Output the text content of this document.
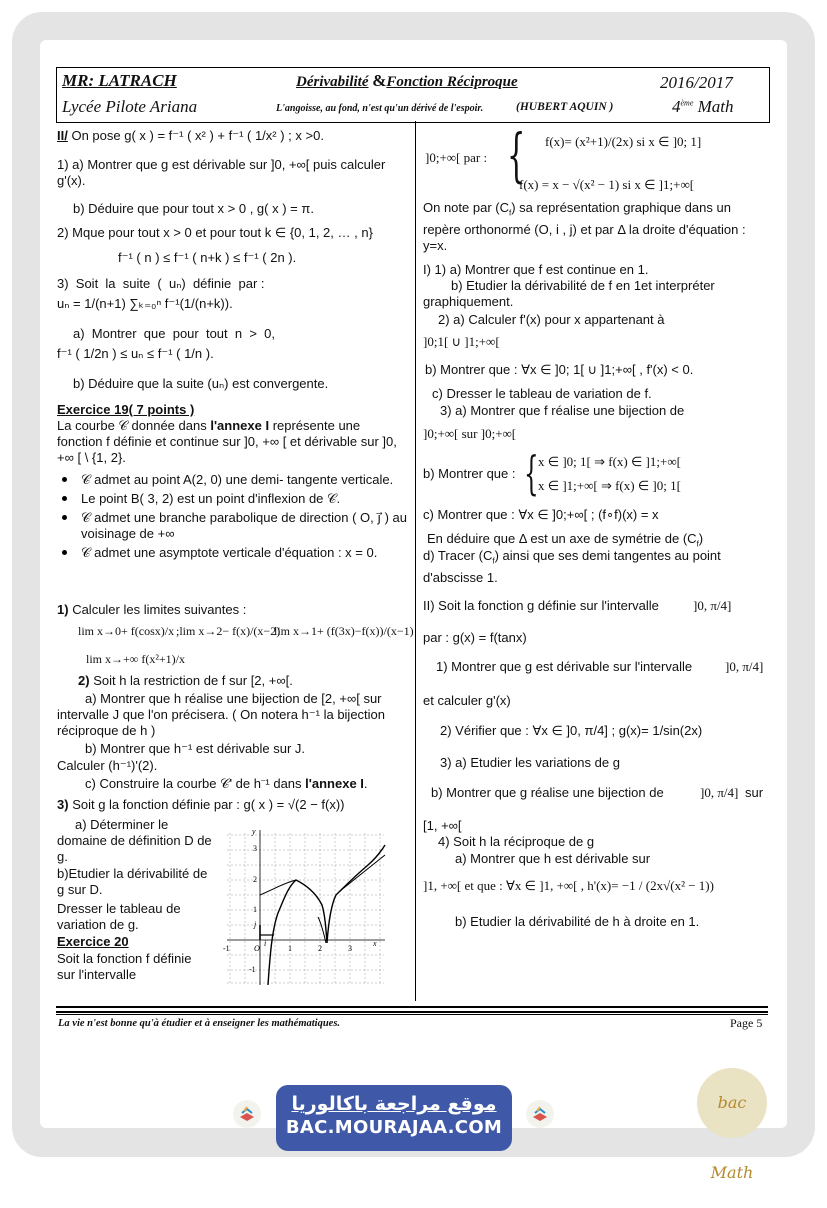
MR: LATRACH	Dérivabilité &Fonction Réciproque	2016/2017
Lycée Pilote Ariana	L'angoisse, au fond, n'est qu'un dérivé de l'espoir.	(HUBERT AQUIN )	4ème Math
II/ On pose g( x ) = f⁻¹ ( x² ) + f⁻¹ ( 1/x² ) ; x >0.
1) a) Montrer que g est dérivable sur ]0, +∞[ puis calculer g'(x).
b) Déduire que pour tout x > 0 , g( x ) = π.
2) Mque pour tout x > 0 et pour tout k ∈ {0, 1, 2, … , n}
f⁻¹ ( n ) ≤ f⁻¹ ( n+k ) ≤ f⁻¹ ( 2n ).
3)  Soit  la  suite  (  uₙ)  définie  par :
uₙ = 1/(n+1) ∑ₖ₌₀ⁿ f⁻¹(1/(n+k)).
a)  Montrer  que  pour  tout  n  >  0,
f⁻¹ ( 1/2n ) ≤ uₙ ≤ f⁻¹ ( 1/n ).
b) Déduire que la suite (uₙ) est convergente.
Exercice 19( 7 points )
La courbe 𝒞 donnée dans l'annexe I représente une fonction f définie et continue sur ]0, +∞ [ et dérivable sur ]0, +∞ [ \ {1, 2}.
𝒞 admet au point A(2, 0) une demi- tangente verticale.
Le point B( 3, 2) est un point d'inflexion de 𝒞.
𝒞 admet une branche parabolique de direction ( O, j⃗ ) au voisinage de +∞
𝒞 admet une asymptote verticale d'équation : x = 0.
1) Calculer les limites suivantes :
lim x→0+ f(cosx)/x ;lim x→2− f(x)/(x−2)
lim x→1+ (f(3x)−f(x))/(x−1)
lim x→+∞ f(x²+1)/x
2) Soit h la restriction de f sur [2, +∞[.
a) Montrer que h réalise une bijection de [2, +∞[ sur intervalle J que l'on précisera. ( On notera h⁻¹ la bijection réciproque de h )
b) Montrer que h⁻¹ est dérivable sur J.
Calculer (h⁻¹)'(2).
c) Construire la courbe 𝒞' de h⁻¹ dans l'annexe I.
3) Soit g la fonction définie par : g( x ) = √(2 − f(x))
a) Déterminer le domaine de définition D de g.
b)Etudier la dérivabilité de g sur D.
Dresser le tableau de variation de g.
Exercice 20
Soit la fonction f définie sur l'intervalle
-1	O	1	2	3
x
y
3
2
1
-1
i
j
]0;+∞[ par : { f(x)= (x²+1)/(2x) si x ∈ ]0; 1]
f(x) = x − √(x² − 1) si x ∈ ]1;+∞[
On note par $(C_f)$ sa représentation graphique dans un repère orthonormé (O, i , j) et par Δ la droite d'équation : y=x.
I) 1) a) Montrer que f est continue en 1.
b) Etudier la dérivabilité de f en 1et interpréter graphiquement.
2) a) Calculer f'(x) pour x appartenant à
]0;1[ ∪ ]1;+∞[
b) Montrer que : ∀x ∈ ]0; 1[ ∪ ]1;+∞[ , f'(x) < 0.
c) Dresser le tableau de variation de f.
3) a) Montrer que f réalise une bijection de
]0;+∞[ sur ]0;+∞[
b) Montrer que : { x ∈ ]0; 1[ ⇒ f(x) ∈ ]1;+∞[
x ∈ ]1;+∞[ ⇒ f(x) ∈ ]0; 1[
c) Montrer que : ∀x ∈ ]0;+∞[ ; (f∘f)(x) = x
En déduire que Δ est un axe de symétrie de $(C_f)$
d) Tracer $(C_f)$ ainsi que ses demi tangentes au point d'abscisse 1.
II) Soit la fonction g définie sur l'intervalle	]0, π/4]
par : g(x) = f(tanx)
1) Montrer que g est dérivable sur l'intervalle	]0, π/4]
et calculer g'(x)
2) Vérifier que : ∀x ∈ ]0, π/4] ; g(x)= 1/sin(2x)
3) a) Etudier les variations de g
b) Montrer que g réalise une bijection de	]0, π/4] sur
[1, +∞[
4) Soit h la réciproque de g
a) Montrer que h est dérivable sur
]1, +∞[ et que : ∀x ∈ ]1, +∞[ , h'(x)= −1 / (2x√(x² − 1))
b) Etudier la dérivabilité de h à droite en 1.
La vie n'est bonne qu'à étudier et à enseigner les mathématiques.	Page 5
موقع مراجعة باكالوريا
BAC.MOURAJAA.COM
bac Math
